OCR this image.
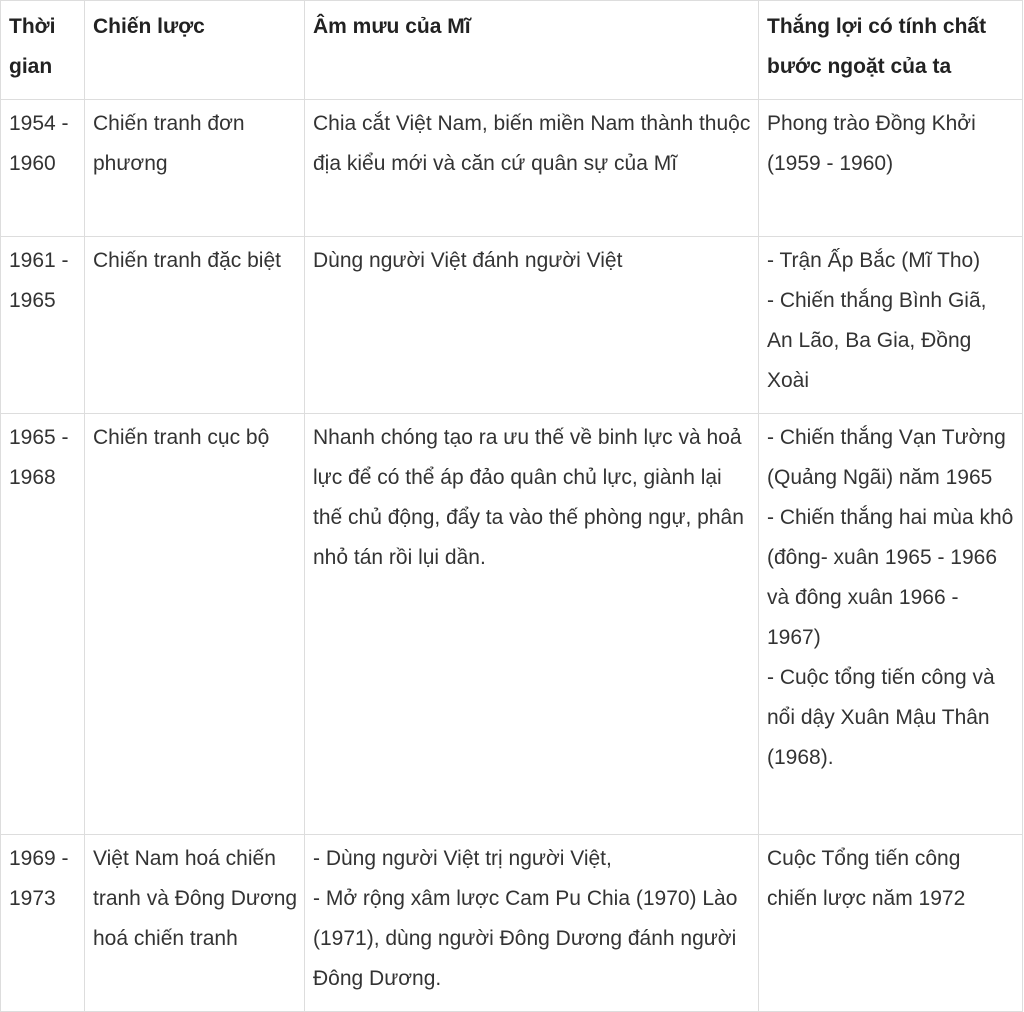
Thời gian	Chiến lược	Âm mưu của Mĩ	Thắng lợi có tính chất bước ngoặt của ta
1954 - 1960	Chiến tranh đơn phương	Chia cắt Việt Nam, biến miền Nam thành thuộc địa kiểu mới và căn cứ quân sự của Mĩ	Phong trào Đồng Khởi (1959 - 1960)

1961 - 1965	Chiến tranh đặc biệt	Dùng người Việt đánh người Việt	- Trận Ấp Bắc (Mĩ Tho)
- Chiến thắng Bình Giã, An Lão, Ba Gia, Đồng Xoài

1965 - 1968	Chiến tranh cục bộ	Nhanh chóng tạo ra ưu thế về binh lực và hoả lực để có thể áp đảo quân chủ lực, giành lại thế chủ động, đẩy ta vào thế phòng ngự, phân nhỏ tán rồi lụi dần.	- Chiến thắng Vạn Tường (Quảng Ngãi) năm 1965
- Chiến thắng hai mùa khô (đông- xuân 1965 - 1966 và đông xuân 1966 - 1967)
- Cuộc tổng tiến công và nổi dậy Xuân Mậu Thân (1968).

1969 - 1973	Việt Nam hoá chiến tranh và Đông Dương hoá chiến tranh	- Dùng người Việt trị người Việt,
- Mở rộng xâm lược Cam Pu Chia (1970) Lào (1971), dùng người Đông Dương đánh người Đông Dương.	Cuộc Tổng tiến công chiến lược năm 1972
